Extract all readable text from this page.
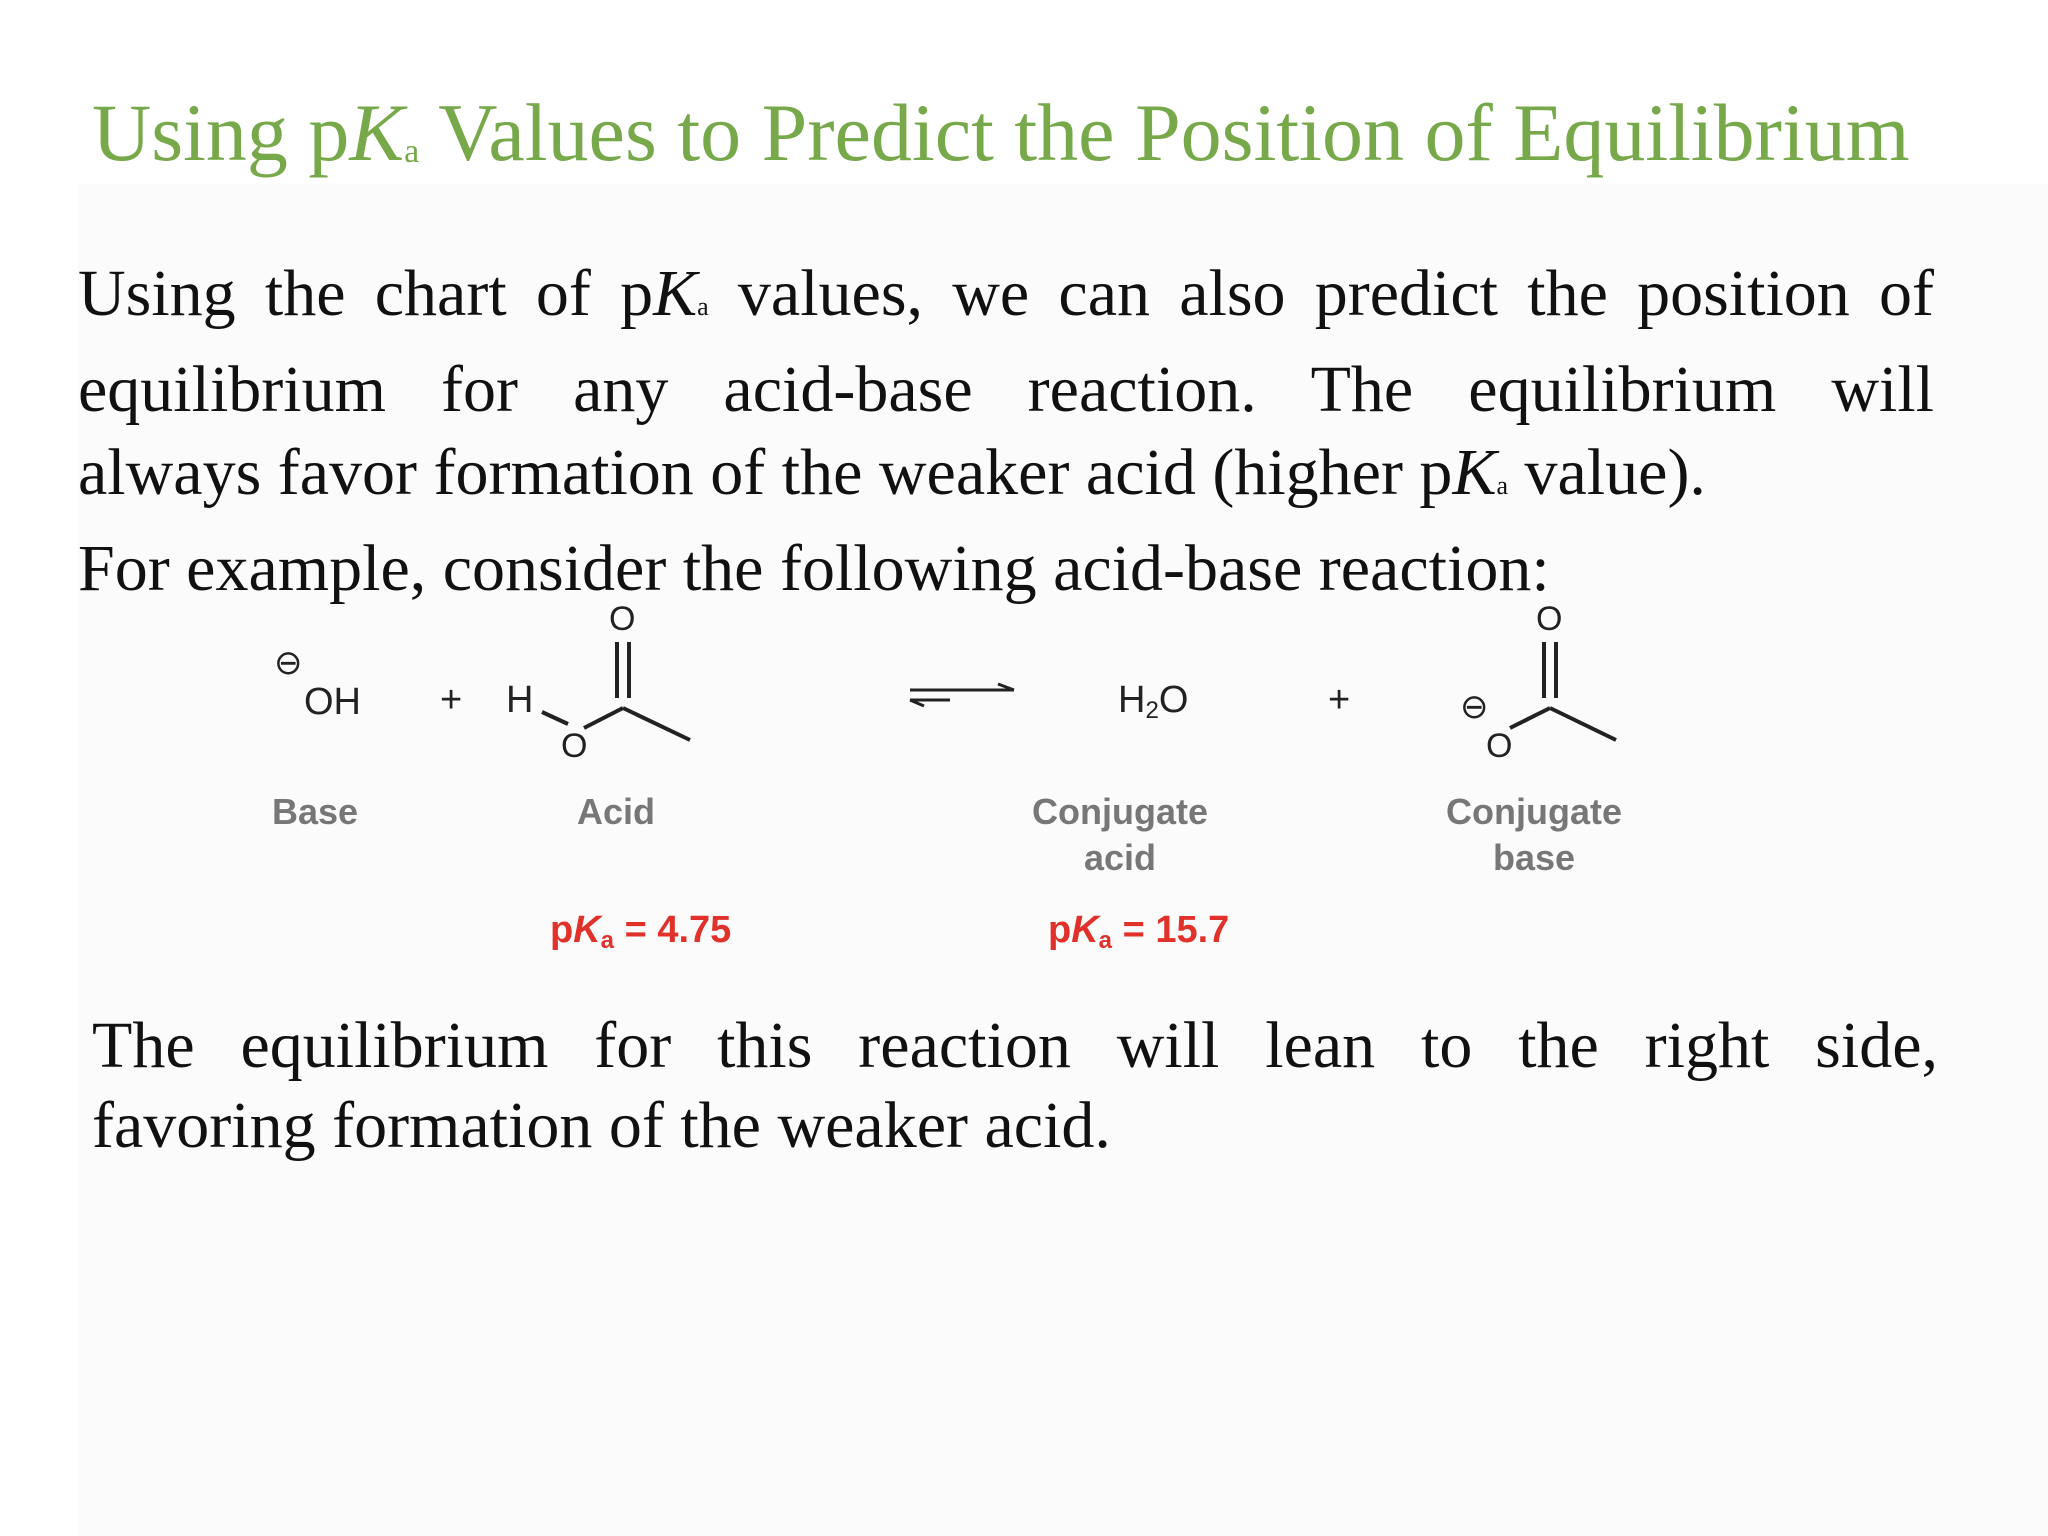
Using pKa Values to Predict the Position of Equilibrium
Using the chart of pKa values, we can also predict the position of
equilibrium for any acid-base reaction. The equilibrium will
always favor formation of the weaker acid (higher pKa value).
For example, consider the following acid-base reaction:
⊖
OH + H
O
O
H2O	+	⊖
O
O
Base	Acid	Conjugate
acid
Conjugate
base
pKa = 4.75	pKa = 15.7
The equilibrium for this reaction will lean to the right side,
favoring formation of the weaker acid.
